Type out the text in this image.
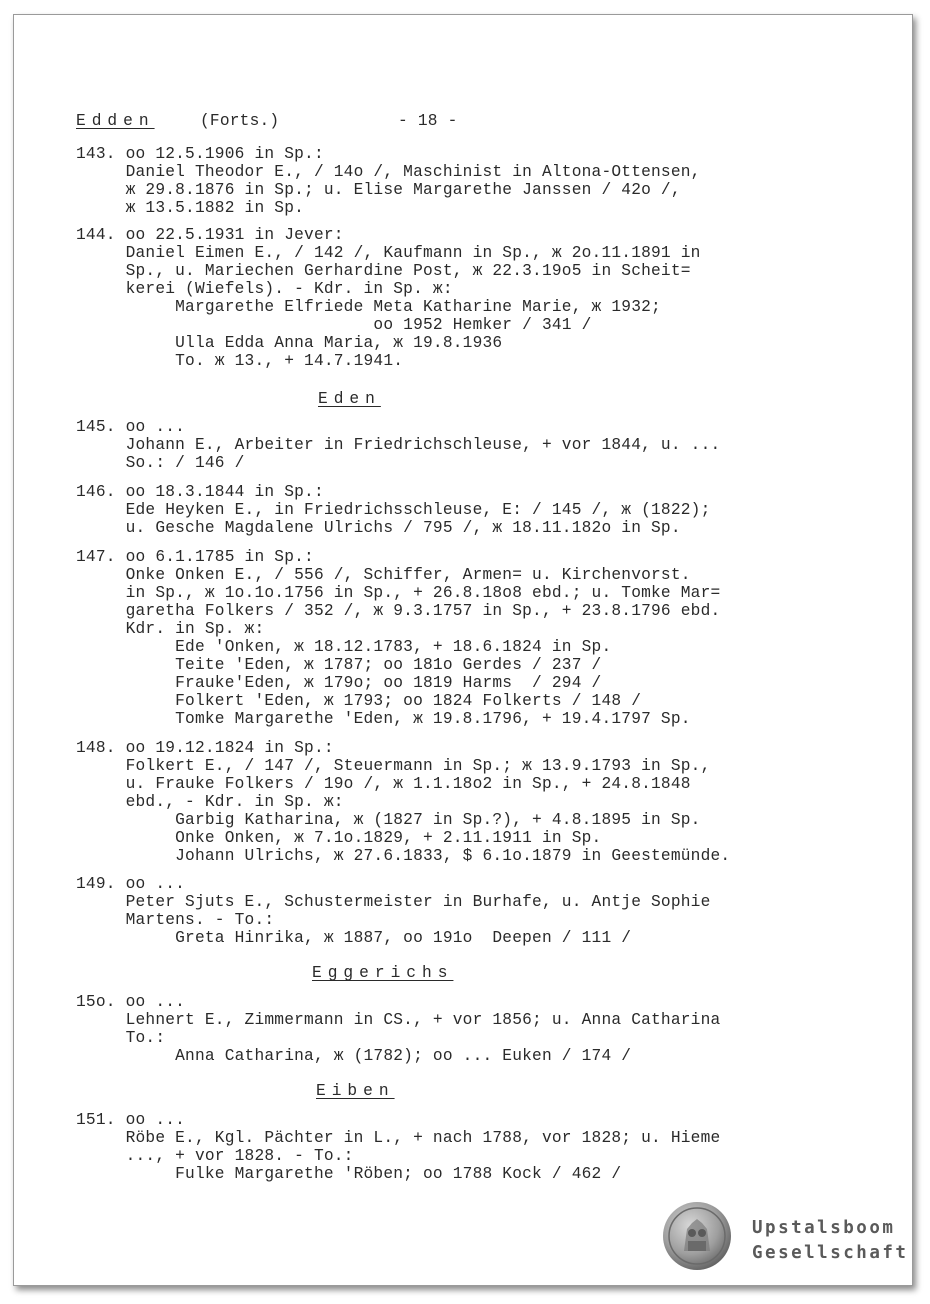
Edden	(Forts.)	- 18 -
143. oo 12.5.1906 in Sp.:
Daniel Theodor E., / 14o /, Maschinist in Altona-Ottensen,
ж 29.8.1876 in Sp.; u. Elise Margarethe Janssen / 42o /,
ж 13.5.1882 in Sp.
144. oo 22.5.1931 in Jever:
Daniel Eimen E., / 142 /, Kaufmann in Sp., ж 2o.11.1891 in
Sp., u. Mariechen Gerhardine Post, ж 22.3.19o5 in Scheit=
kerei (Wiefels). - Kdr. in Sp. ж:
Margarethe Elfriede Meta Katharine Marie, ж 1932;
oo 1952 Hemker / 341 /
Ulla Edda Anna Maria, ж 19.8.1936
To. ж 13., + 14.7.1941.
Eden
145. oo ...
Johann E., Arbeiter in Friedrichschleuse, + vor 1844, u. ...
So.: / 146 /
146. oo 18.3.1844 in Sp.:
Ede Heyken E., in Friedrichsschleuse, E: / 145 /, ж (1822);
u. Gesche Magdalene Ulrichs / 795 /, ж 18.11.182o in Sp.
147. oo 6.1.1785 in Sp.:
Onke Onken E., / 556 /, Schiffer, Armen= u. Kirchenvorst.
in Sp., ж 1o.1o.1756 in Sp., + 26.8.18o8 ebd.; u. Tomke Mar=
garetha Folkers / 352 /, ж 9.3.1757 in Sp., + 23.8.1796 ebd.
Kdr. in Sp. ж:
Ede 'Onken, ж 18.12.1783, + 18.6.1824 in Sp.
Teite 'Eden, ж 1787; oo 181o Gerdes / 237 /
Frauke'Eden, ж 179o; oo 1819 Harms  / 294 /
Folkert 'Eden, ж 1793; oo 1824 Folkerts / 148 /
Tomke Margarethe 'Eden, ж 19.8.1796, + 19.4.1797 Sp.
148. oo 19.12.1824 in Sp.:
Folkert E., / 147 /, Steuermann in Sp.; ж 13.9.1793 in Sp.,
u. Frauke Folkers / 19o /, ж 1.1.18o2 in Sp., + 24.8.1848
ebd., - Kdr. in Sp. ж:
Garbig Katharina, ж (1827 in Sp.?), + 4.8.1895 in Sp.
Onke Onken, ж 7.1o.1829, + 2.11.1911 in Sp.
Johann Ulrichs, ж 27.6.1833, $ 6.1o.1879 in Geestemünde.
149. oo ...
Peter Sjuts E., Schustermeister in Burhafe, u. Antje Sophie
Martens. - To.:
Greta Hinrika, ж 1887, oo 191o  Deepen / 111 /
Eggerichs
15o. oo ...
Lehnert E., Zimmermann in CS., + vor 1856; u. Anna Catharina
To.:
Anna Catharina, ж (1782); oo ... Euken / 174 /
Eiben
151. oo ...
Röbe E., Kgl. Pächter in L., + nach 1788, vor 1828; u. Hieme
..., + vor 1828. - To.:
Fulke Margarethe 'Röben; oo 1788 Kock / 462 /
Upstalsboom
Gesellschaft
